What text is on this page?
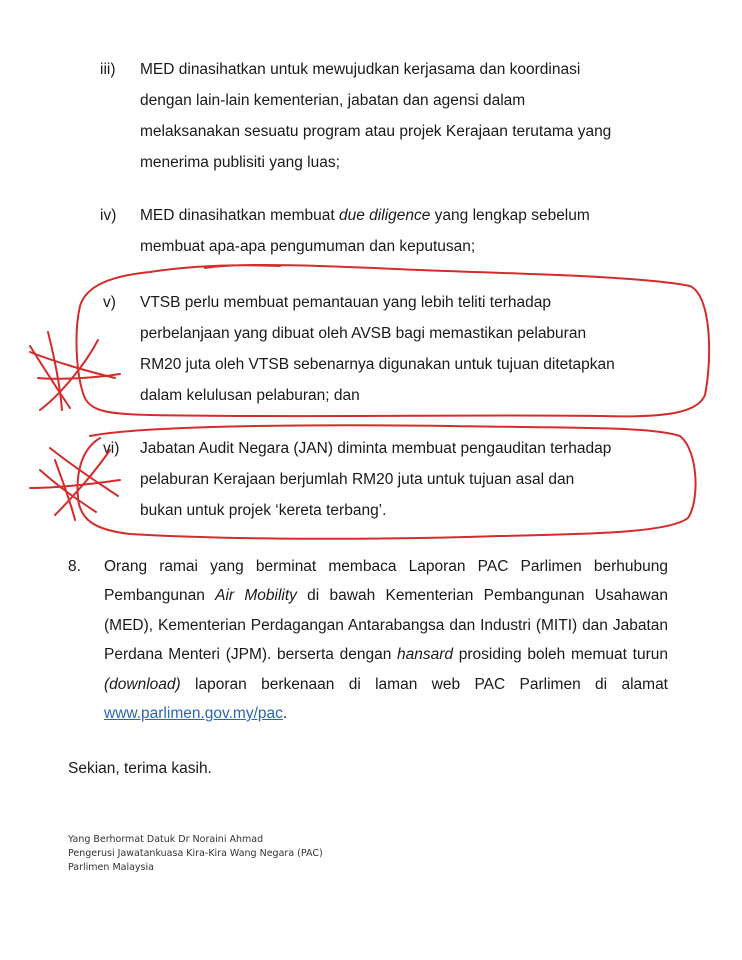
iii) MED dinasihatkan untuk mewujudkan kerjasama dan koordinasi
dengan lain-lain kementerian, jabatan dan agensi dalam
melaksanakan sesuatu program atau projek Kerajaan terutama yang
menerima publisiti yang luas;
iv) MED dinasihatkan membuat due diligence yang lengkap sebelum
membuat apa-apa pengumuman dan keputusan;
v) VTSB perlu membuat pemantauan yang lebih teliti terhadap
perbelanjaan yang dibuat oleh AVSB bagi memastikan pelaburan
RM20 juta oleh VTSB sebenarnya digunakan untuk tujuan ditetapkan
dalam kelulusan pelaburan; dan
vi) Jabatan Audit Negara (JAN) diminta membuat pengauditan terhadap
pelaburan Kerajaan berjumlah RM20 juta untuk tujuan asal dan
bukan untuk projek ‘kereta terbang’.
8. Orang ramai yang berminat membaca Laporan PAC Parlimen berhubung Pembangunan Air Mobility di bawah Kementerian Pembangunan Usahawan (MED), Kementerian Perdagangan Antarabangsa dan Industri (MITI) dan Jabatan Perdana Menteri (JPM). berserta dengan hansard prosiding boleh memuat turun (download) laporan berkenaan di laman web PAC Parlimen di alamat www.parlimen.gov.my/pac.
Sekian, terima kasih.
Yang Berhormat Datuk Dr Noraini Ahmad
Pengerusi Jawatankuasa Kira-Kira Wang Negara (PAC)
Parlimen Malaysia
